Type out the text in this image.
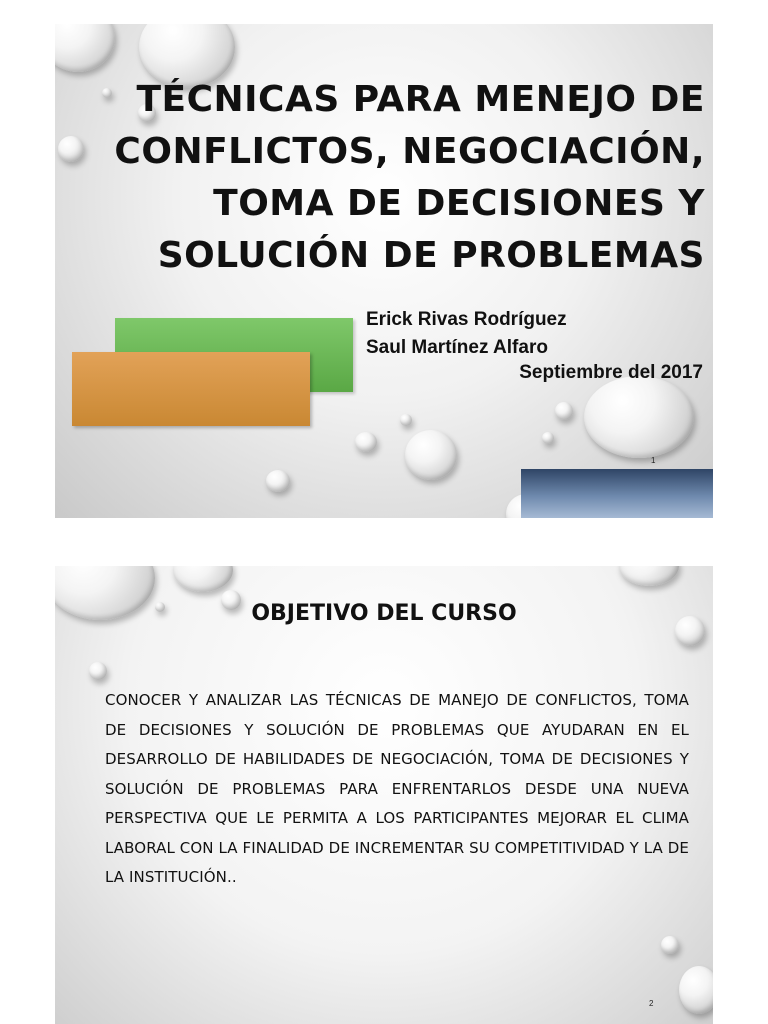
TÉCNICAS PARA MENEJO DE CONFLICTOS, NEGOCIACIÓN, TOMA DE DECISIONES Y SOLUCIÓN DE PROBLEMAS
Erick Rivas Rodríguez
Saul Martínez Alfaro
Septiembre del 2017
1
OBJETIVO DEL CURSO
CONOCER Y ANALIZAR LAS TÉCNICAS DE MANEJO DE CONFLICTOS, TOMA DE DECISIONES Y SOLUCIÓN DE PROBLEMAS QUE AYUDARAN EN EL DESARROLLO DE HABILIDADES DE NEGOCIACIÓN, TOMA DE DECISIONES Y SOLUCIÓN DE PROBLEMAS PARA ENFRENTARLOS DESDE UNA NUEVA PERSPECTIVA QUE LE PERMITA A LOS PARTICIPANTES MEJORAR EL CLIMA LABORAL CON LA FINALIDAD DE INCREMENTAR SU COMPETITIVIDAD Y LA DE LA INSTITUCIÓN..
2
